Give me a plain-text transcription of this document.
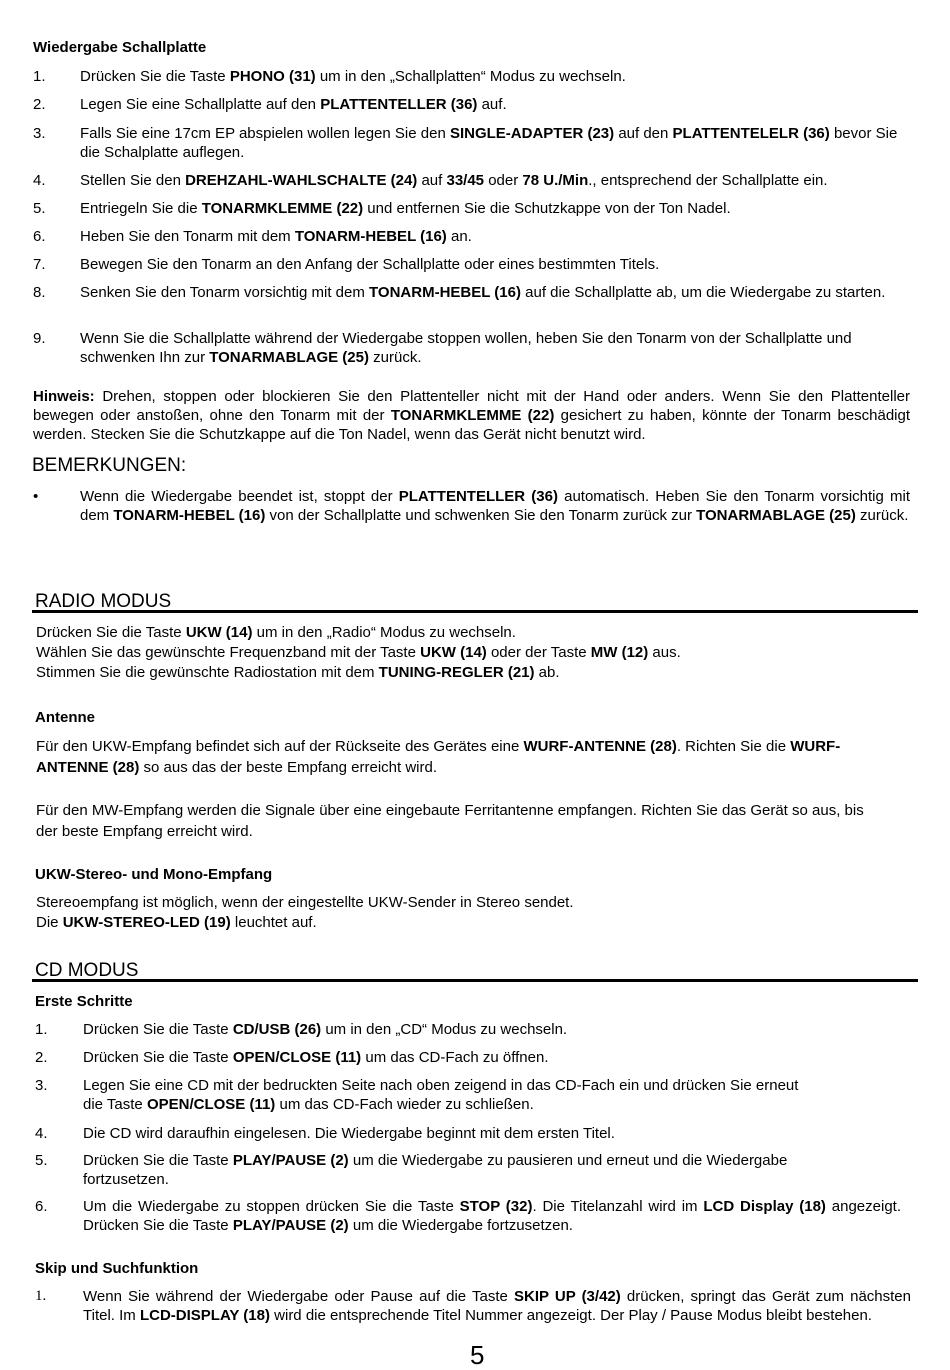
Wiedergabe Schallplatte
1. Drücken Sie die Taste PHONO (31) um in den „Schallplatten“ Modus zu wechseln.
2. Legen Sie eine Schallplatte auf den PLATTENTELLER (36) auf.
3. Falls Sie eine 17cm EP abspielen wollen legen Sie den SINGLE-ADAPTER (23) auf den PLATTENTELELR (36) bevor Sie die Schalplatte auflegen.
4. Stellen Sie den DREHZAHL-WAHLSCHALTE (24) auf 33/45 oder 78 U./Min., entsprechend der Schallplatte ein.
5. Entriegeln Sie die TONARMKLEMME (22) und entfernen Sie die Schutzkappe von der Ton Nadel.
6. Heben Sie den Tonarm mit dem TONARM-HEBEL (16) an.
7. Bewegen Sie den Tonarm an den Anfang der Schallplatte oder eines bestimmten Titels.
8. Senken Sie den Tonarm vorsichtig mit dem TONARM-HEBEL (16) auf die Schallplatte ab, um die Wiedergabe zu starten.
9. Wenn Sie die Schallplatte während der Wiedergabe stoppen wollen, heben Sie den Tonarm von der Schallplatte und schwenken Ihn zur TONARMABLAGE (25) zurück.
Hinweis: Drehen, stoppen oder blockieren Sie den Plattenteller nicht mit der Hand oder anders. Wenn Sie den Plattenteller bewegen oder anstoßen, ohne den Tonarm mit der TONARMKLEMME (22) gesichert zu haben, könnte der Tonarm beschädigt werden. Stecken Sie die Schutzkappe auf die Ton Nadel, wenn das Gerät nicht benutzt wird.
BEMERKUNGEN:
•	Wenn die Wiedergabe beendet ist, stoppt der PLATTENTELLER (36) automatisch. Heben Sie den Tonarm vorsichtig mit dem TONARM-HEBEL (16) von der Schallplatte und schwenken Sie den Tonarm zurück zur TONARMABLAGE (25) zurück.
RADIO MODUS
Drücken Sie die Taste UKW (14) um in den „Radio“ Modus zu wechseln.
Wählen Sie das gewünschte Frequenzband mit der Taste UKW (14) oder der Taste MW (12) aus.
Stimmen Sie die gewünschte Radiostation mit dem TUNING-REGLER (21) ab.
Antenne
Für den UKW-Empfang befindet sich auf der Rückseite des Gerätes eine WURF-ANTENNE (28). Richten Sie die WURF-ANTENNE (28) so aus das der beste Empfang erreicht wird.
Für den MW-Empfang werden die Signale über eine eingebaute Ferritantenne empfangen. Richten Sie das Gerät so aus, bis der beste Empfang erreicht wird.
UKW-Stereo- und Mono-Empfang
Stereoempfang ist möglich, wenn der eingestellte UKW-Sender in Stereo sendet.
Die UKW-STEREO-LED (19) leuchtet auf.
CD MODUS
Erste Schritte
1. Drücken Sie die Taste CD/USB (26) um in den „CD“ Modus zu wechseln.
2. Drücken Sie die Taste OPEN/CLOSE (11) um das CD-Fach zu öffnen.
3. Legen Sie eine CD mit der bedruckten Seite nach oben zeigend in das CD-Fach ein und drücken Sie erneut die Taste OPEN/CLOSE (11) um das CD-Fach wieder zu schließen.
4. Die CD wird daraufhin eingelesen. Die Wiedergabe beginnt mit dem ersten Titel.
5. Drücken Sie die Taste PLAY/PAUSE (2) um die Wiedergabe zu pausieren und erneut und die Wiedergabe fortzusetzen.
6. Um die Wiedergabe zu stoppen drücken Sie die Taste STOP (32). Die Titelanzahl wird im LCD Display (18) angezeigt. Drücken Sie die Taste PLAY/PAUSE (2) um die Wiedergabe fortzusetzen.
Skip und Suchfunktion
1. Wenn Sie während der Wiedergabe oder Pause auf die Taste SKIP UP (3/42) drücken, springt das Gerät zum nächsten Titel. Im LCD-DISPLAY (18) wird die entsprechende Titel Nummer angezeigt. Der Play / Pause Modus bleibt bestehen.
5
